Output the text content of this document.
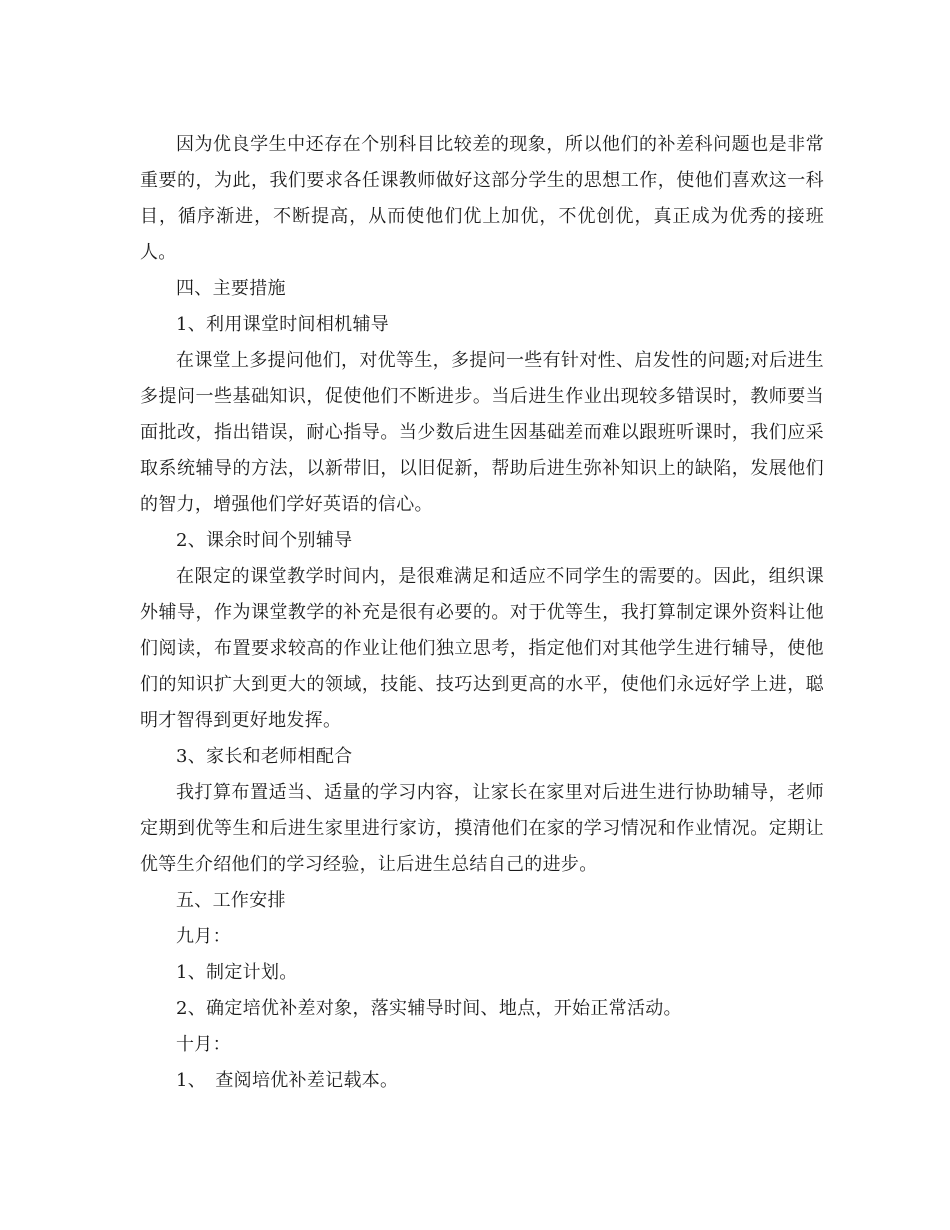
因为优良学生中还存在个别科目比较差的现象，所以他们的补差科问题也是非常重要的，为此，我们要求各任课教师做好这部分学生的思想工作，使他们喜欢这一科目，循序渐进，不断提高，从而使他们优上加优，不优创优，真正成为优秀的接班人。

四、主要措施

1、利用课堂时间相机辅导

在课堂上多提问他们，对优等生，多提问一些有针对性、启发性的问题;对后进生多提问一些基础知识，促使他们不断进步。当后进生作业出现较多错误时，教师要当面批改，指出错误，耐心指导。当少数后进生因基础差而难以跟班听课时，我们应采取系统辅导的方法，以新带旧，以旧促新，帮助后进生弥补知识上的缺陷，发展他们的智力，增强他们学好英语的信心。

2、课余时间个别辅导

在限定的课堂教学时间内，是很难满足和适应不同学生的需要的。因此，组织课外辅导，作为课堂教学的补充是很有必要的。对于优等生，我打算制定课外资料让他们阅读，布置要求较高的作业让他们独立思考，指定他们对其他学生进行辅导，使他们的知识扩大到更大的领域，技能、技巧达到更高的水平，使他们永远好学上进，聪明才智得到更好地发挥。

3、家长和老师相配合

我打算布置适当、适量的学习内容，让家长在家里对后进生进行协助辅导，老师定期到优等生和后进生家里进行家访，摸清他们在家的学习情况和作业情况。定期让优等生介绍他们的学习经验，让后进生总结自己的进步。

五、工作安排

九月：

1、制定计划。

2、确定培优补差对象，落实辅导时间、地点，开始正常活动。

十月：

1、　查阅培优补差记载本。
